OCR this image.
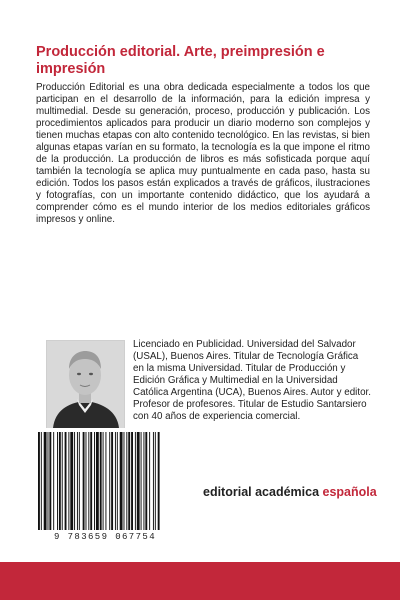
Producción editorial. Arte, preimpresión e impresión

Producción Editorial es una obra dedicada especialmente a todos los que participan en el desarrollo de la información, para la edición impresa y multimedial. Desde su generación, proceso, producción y publicación. Los procedimientos aplicados para producir un diario moderno son complejos y tienen muchas etapas con alto contenido tecnológico. En las revistas, si bien algunas etapas varían en su formato, la tecnología es la que impone el ritmo de la producción. La producción de libros es más sofisticada porque aquí también la tecnología se aplica muy puntualmente en cada paso, hasta su edición. Todos los pasos están explicados a través de gráficos, ilustraciones y fotografías, con un importante contenido didáctico, que los ayudará a comprender cómo es el mundo interior de los medios editoriales gráficos impresos y online.

Licenciado en Publicidad. Universidad del Salvador (USAL), Buenos Aires. Titular de Tecnología Gráfica en la misma Universidad. Titular de Producción y Edición Gráfica y Multimedial en la Universidad Católica Argentina (UCA), Buenos Aires. Autor y editor. Profesor de profesores. Titular de Estudio Santarsiero con 40 años de experiencia comercial.

9 783659 067754
editorial académica española
